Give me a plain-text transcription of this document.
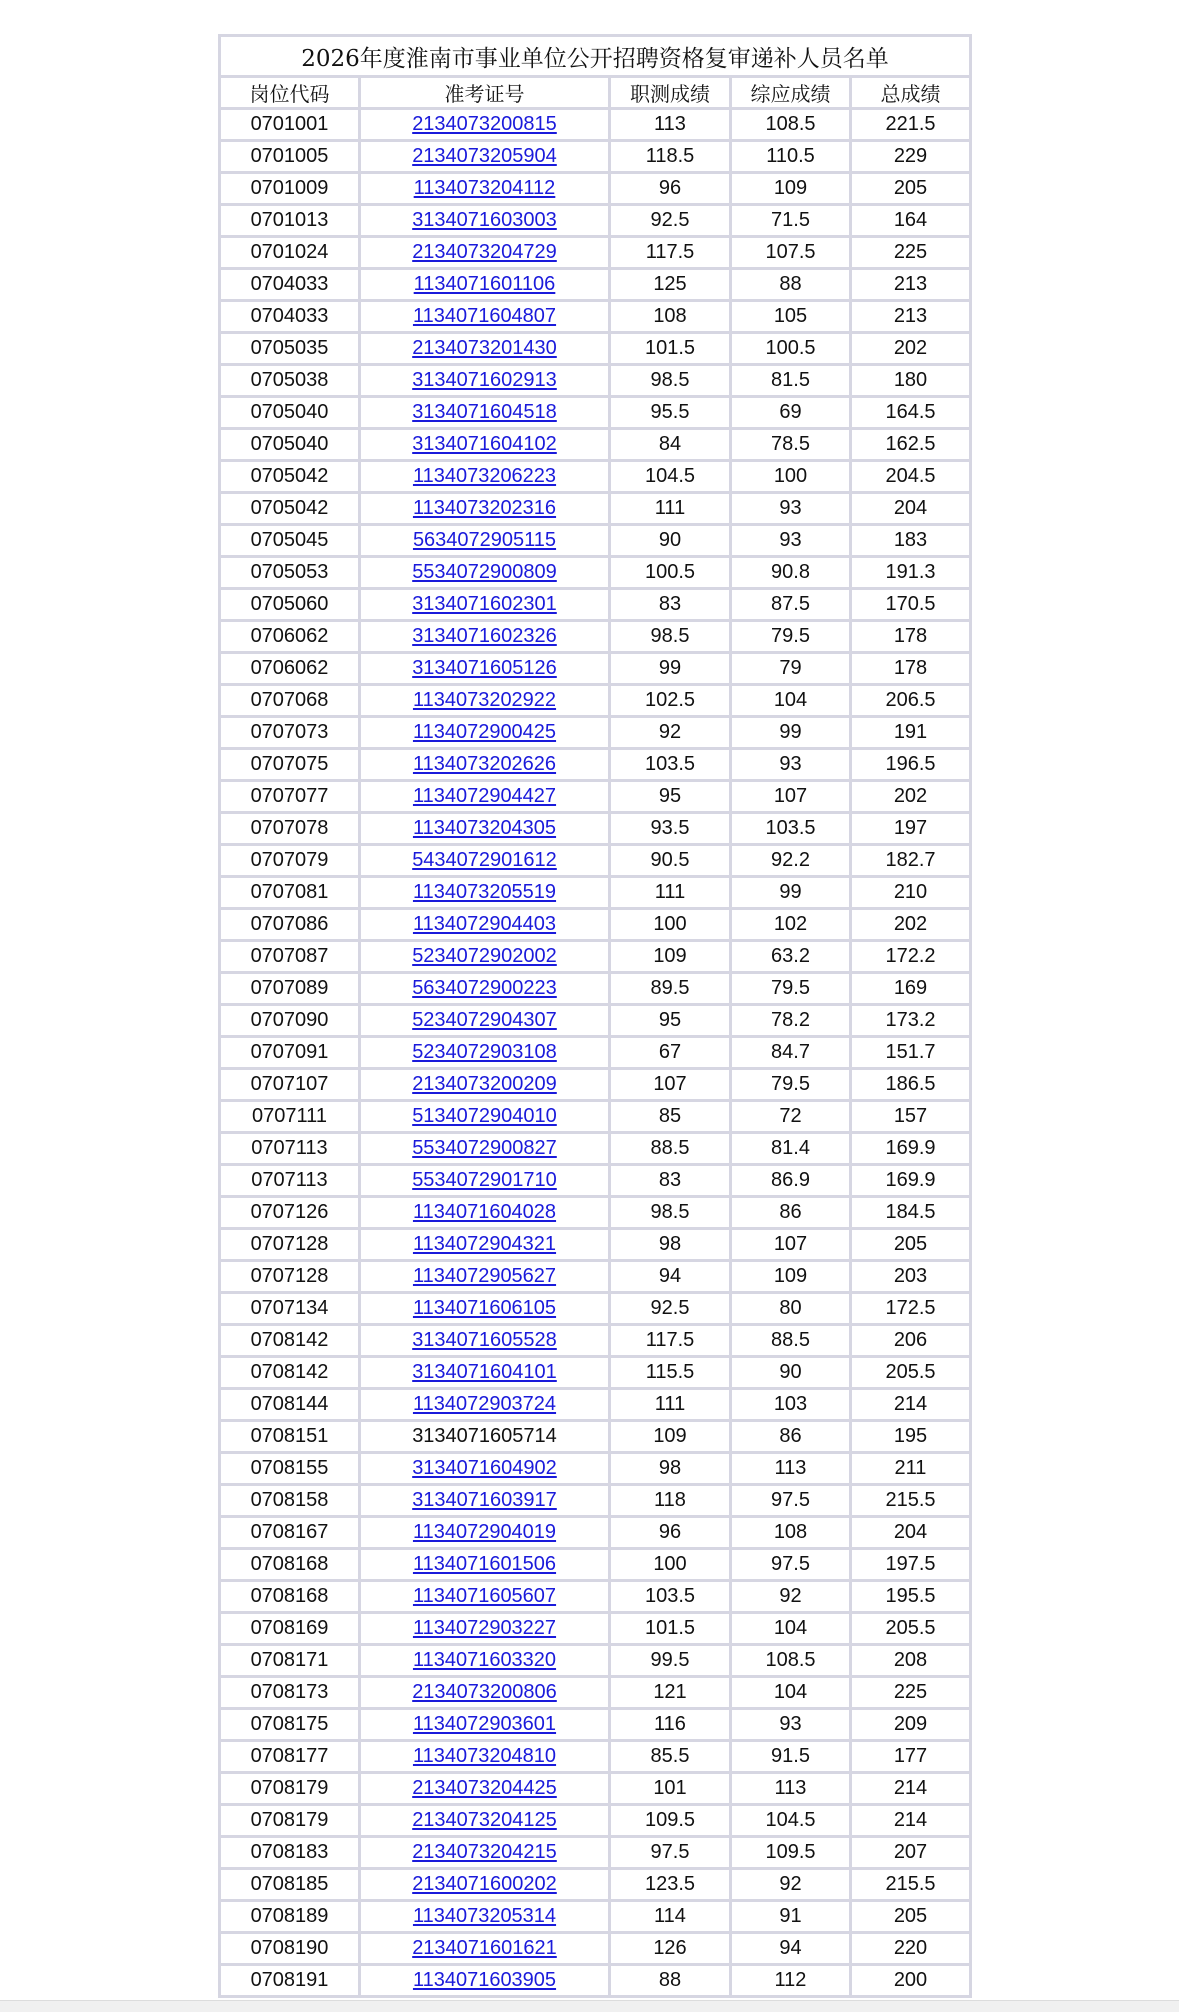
2026年度淮南市事业单位公开招聘资格复审递补人员名单				
岗位代码	准考证号	职测成绩	综应成绩	总成绩
0701001	2134073200815	113	108.5	221.5
0701005	2134073205904	118.5	110.5	229
0701009	1134073204112	96	109	205
0701013	3134071603003	92.5	71.5	164
0701024	2134073204729	117.5	107.5	225
0704033	1134071601106	125	88	213
0704033	1134071604807	108	105	213
0705035	2134073201430	101.5	100.5	202
0705038	3134071602913	98.5	81.5	180
0705040	3134071604518	95.5	69	164.5
0705040	3134071604102	84	78.5	162.5
0705042	1134073206223	104.5	100	204.5
0705042	1134073202316	111	93	204
0705045	5634072905115	90	93	183
0705053	5534072900809	100.5	90.8	191.3
0705060	3134071602301	83	87.5	170.5
0706062	3134071602326	98.5	79.5	178
0706062	3134071605126	99	79	178
0707068	1134073202922	102.5	104	206.5
0707073	1134072900425	92	99	191
0707075	1134073202626	103.5	93	196.5
0707077	1134072904427	95	107	202
0707078	1134073204305	93.5	103.5	197
0707079	5434072901612	90.5	92.2	182.7
0707081	1134073205519	111	99	210
0707086	1134072904403	100	102	202
0707087	5234072902002	109	63.2	172.2
0707089	5634072900223	89.5	79.5	169
0707090	5234072904307	95	78.2	173.2
0707091	5234072903108	67	84.7	151.7
0707107	2134073200209	107	79.5	186.5
0707111	5134072904010	85	72	157
0707113	5534072900827	88.5	81.4	169.9
0707113	5534072901710	83	86.9	169.9
0707126	1134071604028	98.5	86	184.5
0707128	1134072904321	98	107	205
0707128	1134072905627	94	109	203
0707134	1134071606105	92.5	80	172.5
0708142	3134071605528	117.5	88.5	206
0708142	3134071604101	115.5	90	205.5
0708144	1134072903724	111	103	214
0708151	3134071605714	109	86	195
0708155	3134071604902	98	113	211
0708158	3134071603917	118	97.5	215.5
0708167	1134072904019	96	108	204
0708168	1134071601506	100	97.5	197.5
0708168	1134071605607	103.5	92	195.5
0708169	1134072903227	101.5	104	205.5
0708171	1134071603320	99.5	108.5	208
0708173	2134073200806	121	104	225
0708175	1134072903601	116	93	209
0708177	1134073204810	85.5	91.5	177
0708179	2134073204425	101	113	214
0708179	2134073204125	109.5	104.5	214
0708183	2134073204215	97.5	109.5	207
0708185	2134071600202	123.5	92	215.5
0708189	1134073205314	114	91	205
0708190	2134071601621	126	94	220
0708191	1134071603905	88	112	200
